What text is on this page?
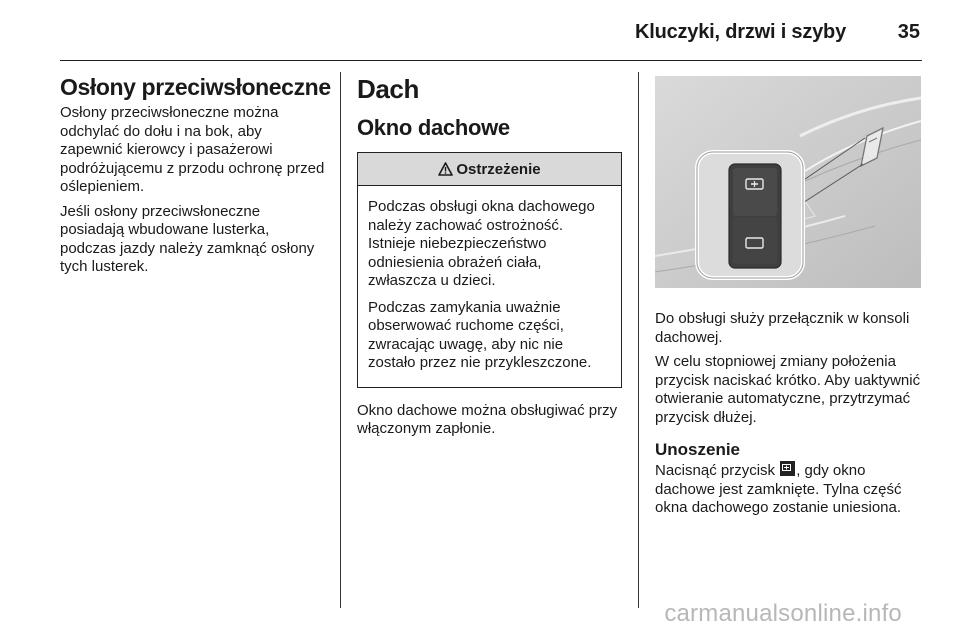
Kluczyki, drzwi i szyby	35
Osłony przeciwsłoneczne

Osłony przeciwsłoneczne można odchylać do dołu i na bok, aby zapewnić kierowcy i pasażerowi podróżującemu z przodu ochronę przed oślepieniem.

Jeśli osłony przeciwsłoneczne posiadają wbudowane lusterka, podczas jazdy należy zamknąć osłony tych lusterek.

Dach
Okno dachowe
Ostrzeżenie

Podczas obsługi okna dachowego należy zachować ostrożność. Istnieje niebezpieczeństwo odniesienia obrażeń ciała, zwłaszcza u dzieci.

Podczas zamykania uważnie obserwować ruchome części, zwracając uwagę, aby nic nie zostało przez nie przykleszczone.

Okno dachowe można obsługiwać przy włączonym zapłonie.

Do obsługi służy przełącznik w konsoli dachowej.

W celu stopniowej zmiany położenia przycisk naciskać krótko. Aby uaktywnić otwieranie automatyczne, przytrzymać przycisk dłużej.

Unoszenie

Nacisnąć przycisk
, gdy okno dachowe jest zamknięte. Tylna część okna dachowego zostanie uniesiona.

carmanualsonline.info
